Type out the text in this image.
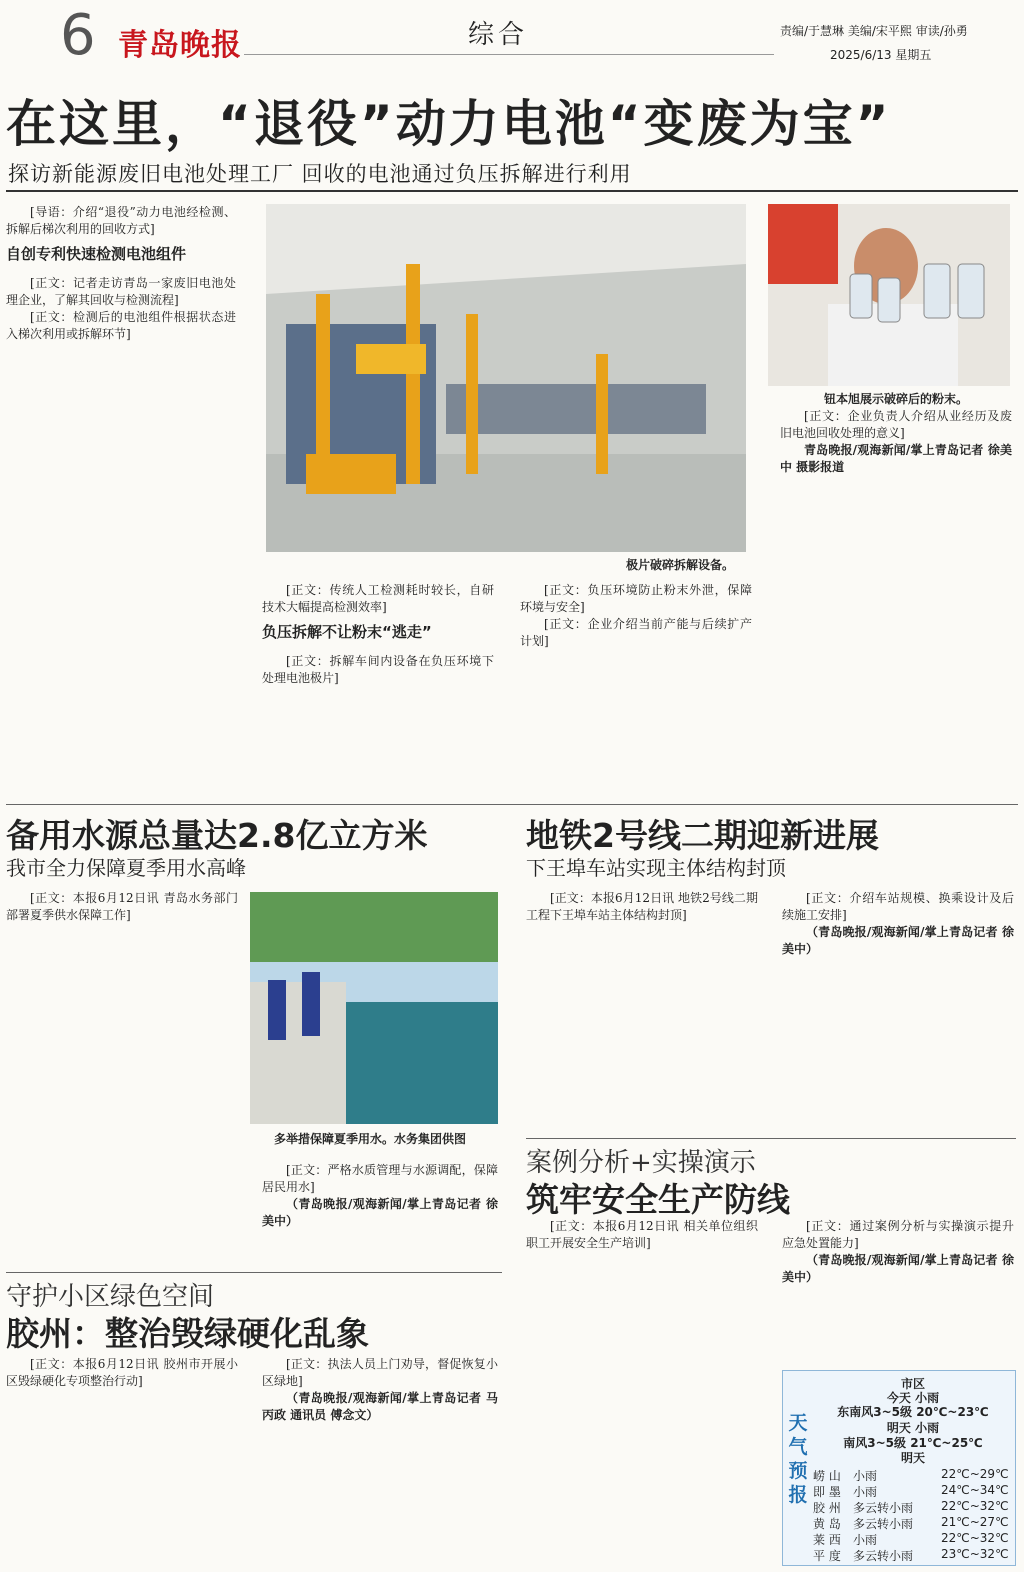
6 青岛晚报	综合	责编/于慧琳 美编/宋平熙 审读/孙勇
2025/6/13 星期五
在这里，“退役”动力电池“变废为宝”
探访新能源废旧电池处理工厂 回收的电池通过负压拆解进行利用

[导语：介绍“退役”动力电池经检测、拆解后梯次利用的回收方式]

自创专利快速检测电池组件

[正文：记者走访青岛一家废旧电池处理企业，了解其回收与检测流程]

[正文：检测后的电池组件根据状态进入梯次利用或拆解环节]

极片破碎拆解设备。

[正文：传统人工检测耗时较长，自研技术大幅提高检测效率]

负压拆解不让粉末“逃走”

[正文：拆解车间内设备在负压环境下处理电池极片]

[正文：负压环境防止粉末外泄，保障环境与安全]

[正文：企业介绍当前产能与后续扩产计划]

钮本旭展示破碎后的粉末。

[正文：企业负责人介绍从业经历及废旧电池回收处理的意义]

青岛晚报/观海新闻/掌上青岛记者 徐美中 摄影报道

备用水源总量达2.8亿立方米
我市全力保障夏季用水高峰

[正文：本报6月12日讯 青岛水务部门部署夏季供水保障工作]

多举措保障夏季用水。水务集团供图

[正文：严格水质管理与水源调配，保障居民用水]

（青岛晚报/观海新闻/掌上青岛记者 徐美中）

守护小区绿色空间
胶州：整治毁绿硬化乱象

[正文：本报6月12日讯 胶州市开展小区毁绿硬化专项整治行动]

[正文：执法人员上门劝导，督促恢复小区绿地]

（青岛晚报/观海新闻/掌上青岛记者 马丙政 通讯员 傅念文）

地铁2号线二期迎新进展
下王埠车站实现主体结构封顶

[正文：本报6月12日讯 地铁2号线二期工程下王埠车站主体结构封顶]

[正文：介绍车站规模、换乘设计及后续施工安排]

（青岛晚报/观海新闻/掌上青岛记者 徐美中）

案例分析+实操演示
筑牢安全生产防线

[正文：本报6月12日讯 相关单位组织职工开展安全生产培训]

[正文：通过案例分析与实操演示提升应急处置能力]

（青岛晚报/观海新闻/掌上青岛记者 徐美中）

天气预报
市区
今天 小雨
东南风3~5级 20℃~23℃
明天 小雨
南风3~5级 21℃~25℃
明天
崂 山 小雨	22℃~29℃
即 墨 小雨	24℃~34℃
胶 州 多云转小雨 22℃~32℃
黄 岛 多云转小雨 21℃~27℃
莱 西 小雨	22℃~32℃
平 度 多云转小雨 23℃~32℃
